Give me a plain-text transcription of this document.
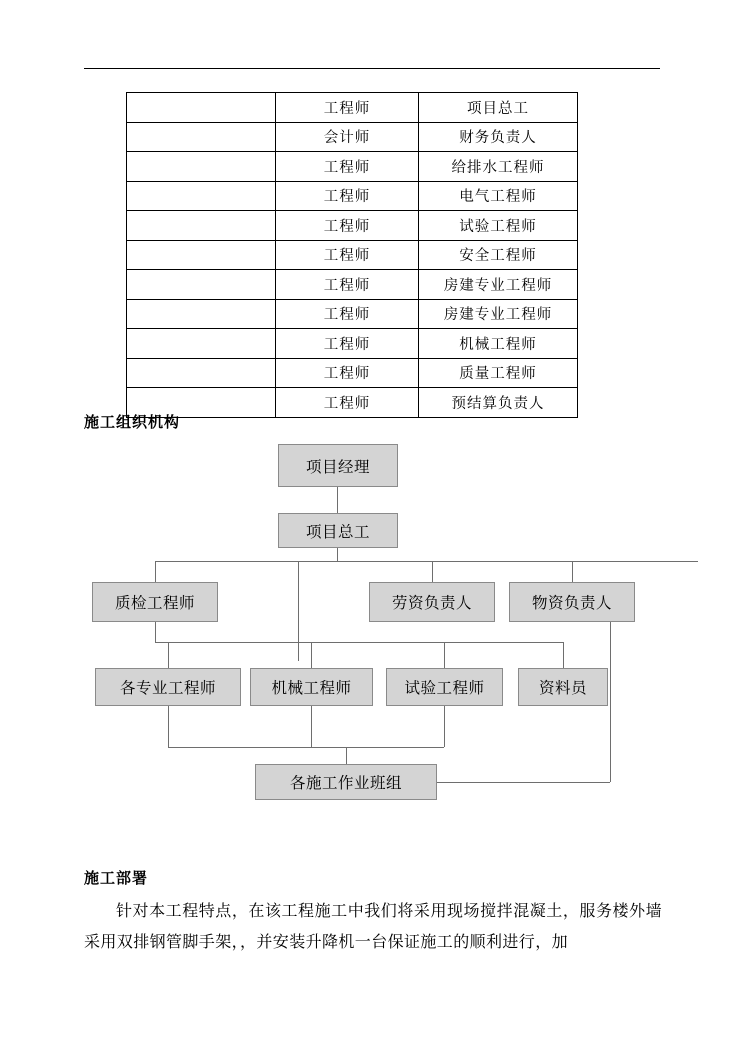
	工程师	项目总工
	会计师	财务负责人
	工程师	给排水工程师
	工程师	电气工程师
	工程师	试验工程师
	工程师	安全工程师
	工程师	房建专业工程师
	工程师	房建专业工程师
	工程师	机械工程师
	工程师	质量工程师
	工程师	预结算负责人
施工组织机构
项目经理
项目总工
质检工程师	劳资负责人	物资负责人
各专业工程师	机械工程师	试验工程师	资料员
各施工作业班组
施工部署
针对本工程特点，在该工程施工中我们将采用现场搅拌混凝土，服务楼外墙采用双排钢管脚手架，，并安装升降机一台保证施工的顺利进行，加
